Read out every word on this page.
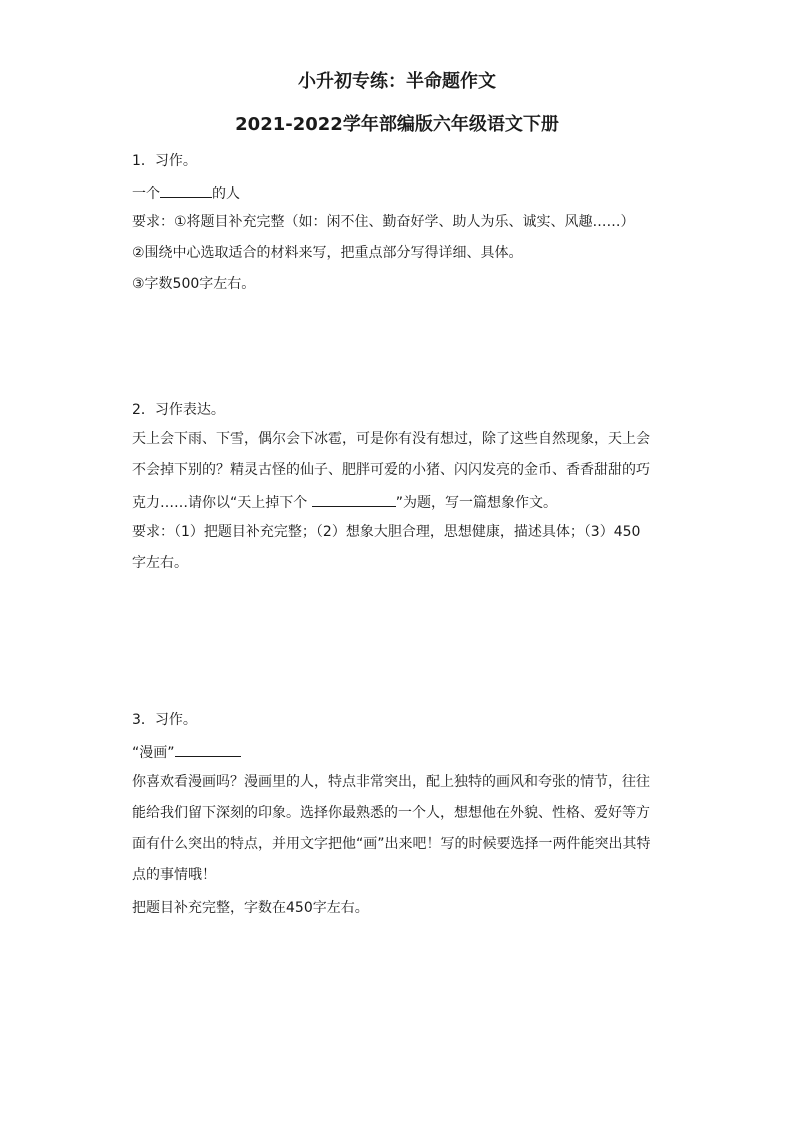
小升初专练：半命题作文
2021-2022学年部编版六年级语文下册
1．习作。
一个	的人
要求：①将题目补充完整（如：闲不住、勤奋好学、助人为乐、诚实、风趣……）
②围绕中心选取适合的材料来写，把重点部分写得详细、具体。
③字数500字左右。
2．习作表达。
天上会下雨、下雪，偶尔会下冰雹，可是你有没有想过，除了这些自然现象，天上会
不会掉下别的？精灵古怪的仙子、肥胖可爱的小猪、闪闪发亮的金币、香香甜甜的巧
克力……请你以“天上掉下个	”为题，写一篇想象作文。
要求：（1）把题目补充完整；（2）想象大胆合理，思想健康，描述具体；（3）450
字左右。
3．习作。
“漫画”
你喜欢看漫画吗？漫画里的人，特点非常突出，配上独特的画风和夸张的情节，往往
能给我们留下深刻的印象。选择你最熟悉的一个人，想想他在外貌、性格、爱好等方
面有什么突出的特点，并用文字把他“画”出来吧！写的时候要选择一两件能突出其特
点的事情哦！
把题目补充完整，字数在450字左右。
